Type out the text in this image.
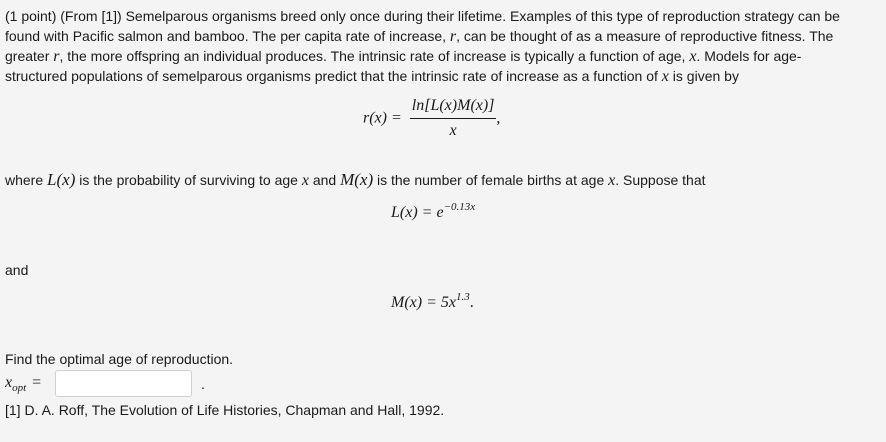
(1 point) (From [1]) Semelparous organisms breed only once during their lifetime. Examples of this type of reproduction strategy can be
found with Pacific salmon and bamboo. The per capita rate of increase, r, can be thought of as a measure of reproductive fitness. The
greater r, the more offspring an individual produces. The intrinsic rate of increase is typically a function of age, x. Models for age-
structured populations of semelparous organisms predict that the intrinsic rate of increase as a function of x is given by
$r(x) = \frac{\ln[L(x)M(x)]}{x}$ ,
where L(x) is the probability of surviving to age x and M(x) is the number of female births at age x. Suppose that
$L(x) = e^{-0.13x}$
and
$M(x) = 5x^{1.3}$.
Find the optimal age of reproduction.
$x_{opt}$ =	.
[1] D. A. Roff, The Evolution of Life Histories, Chapman and Hall, 1992.
